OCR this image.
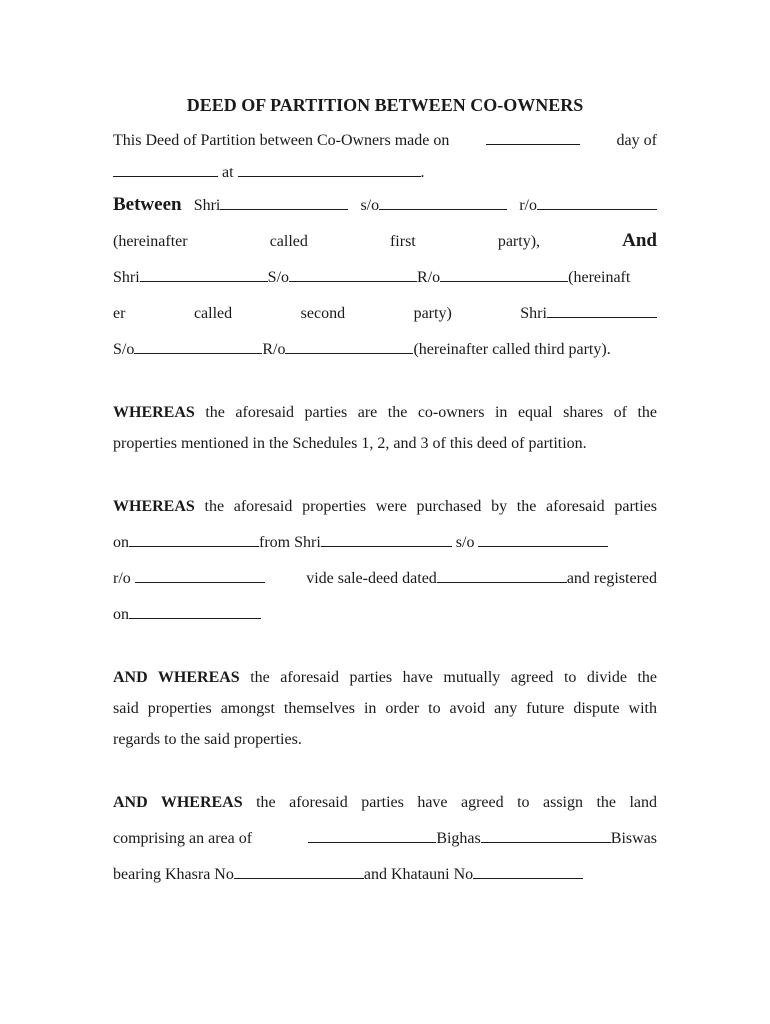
DEED OF PARTITION BETWEEN CO-OWNERS
This Deed of Partition between Co-Owners made on	day of
at	.
Between Shri	s/o	r/o
(hereinafter	called	first	party),	And
Shri	S/o	R/o	(hereinaft
er	called	second	party)	Shri
S/o	R/o	(hereinafter called third party).
WHEREAS the aforesaid parties are the co-owners in equal shares of the
properties mentioned in the Schedules 1, 2, and 3 of this deed of partition.
WHEREAS the aforesaid properties were purchased by the aforesaid parties
on	from Shri	s/o
r/o	vide sale-deed dated	and registered
on
AND WHEREAS the aforesaid parties have mutually agreed to divide the
said properties amongst themselves in order to avoid any future dispute with
regards to the said properties.
AND WHEREAS the aforesaid parties have agreed to assign the land
comprising an area of	Bighas	Biswas
bearing Khasra No	and Khatauni No
